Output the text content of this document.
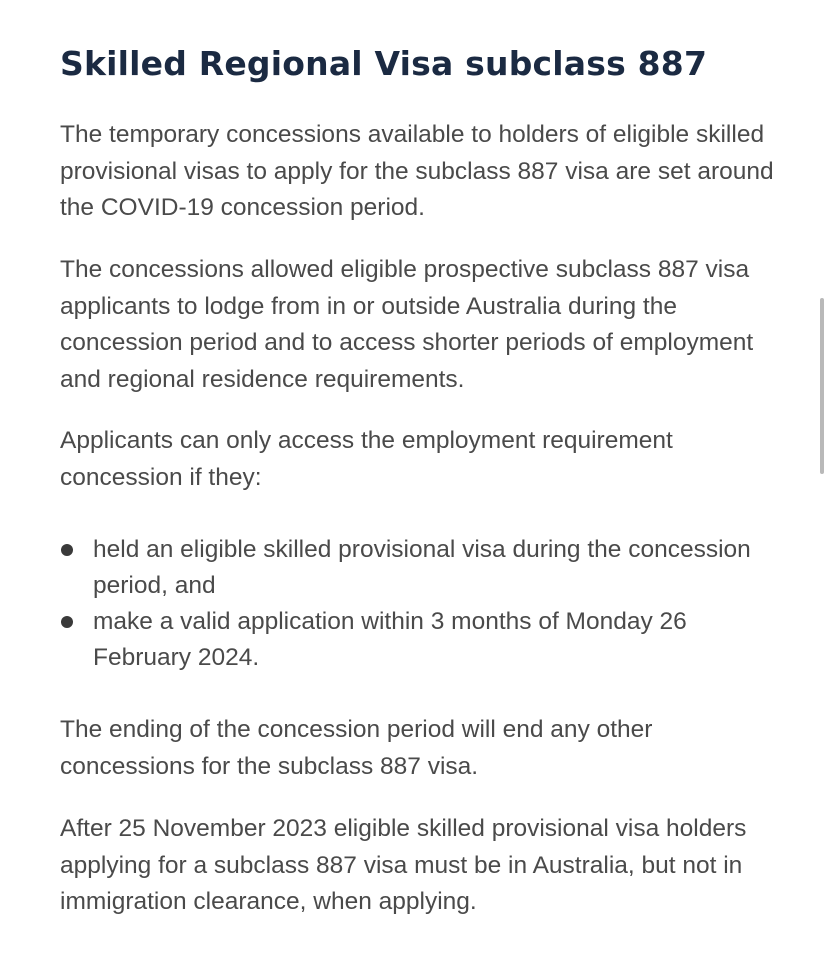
Skilled Regional Visa subclass 887

The temporary concessions available to holders of eligible skilled provisional visas to apply for the subclass 887 visa are set around the COVID-19 concession period.

The concessions allowed eligible prospective subclass 887 visa applicants to lodge from in or outside Australia during the concession period and to access shorter periods of employment and regional residence requirements.

Applicants can only access the employment requirement concession if they:

held an eligible skilled provisional visa during the concession period, and
make a valid application within 3 months of Monday 26 February 2024.

The ending of the concession period will end any other concessions for the subclass 887 visa.

After 25 November 2023 eligible skilled provisional visa holders applying for a subclass 887 visa must be in Australia, but not in immigration clearance, when applying.
